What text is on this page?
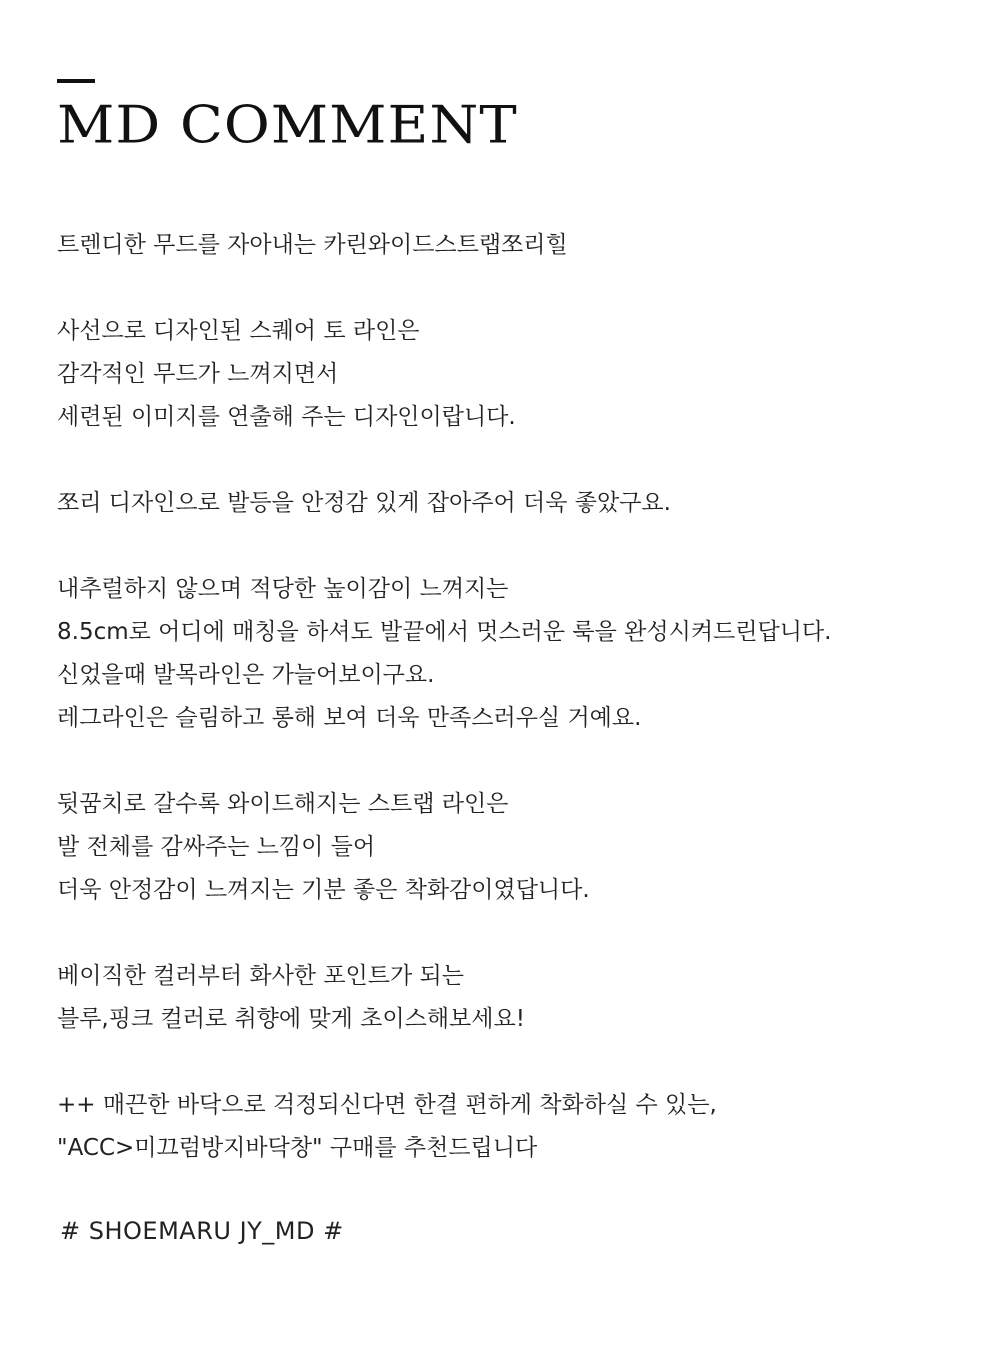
MD COMMENT
트렌디한 무드를 자아내는 카린와이드스트랩쪼리힐
사선으로 디자인된 스퀘어 토 라인은
감각적인 무드가 느껴지면서
세련된 이미지를 연출해 주는 디자인이랍니다.
쪼리 디자인으로 발등을 안정감 있게 잡아주어 더욱 좋았구요.
내추럴하지 않으며 적당한 높이감이 느껴지는
8.5cm로 어디에 매칭을 하셔도 발끝에서 멋스러운 룩을 완성시켜드린답니다.
신었을때 발목라인은 가늘어보이구요.
레그라인은 슬림하고 롱해 보여 더욱 만족스러우실 거예요.
뒷꿈치로 갈수록 와이드해지는 스트랩 라인은
발 전체를 감싸주는 느낌이 들어
더욱 안정감이 느껴지는 기분 좋은 착화감이였답니다.
베이직한 컬러부터 화사한 포인트가 되는
블루,핑크 컬러로 취향에 맞게 초이스해보세요!
++ 매끈한 바닥으로 걱정되신다면 한결 편하게 착화하실 수 있는,
"ACC>미끄럼방지바닥창" 구매를 추천드립니다
# SHOEMARU JY_MD #
